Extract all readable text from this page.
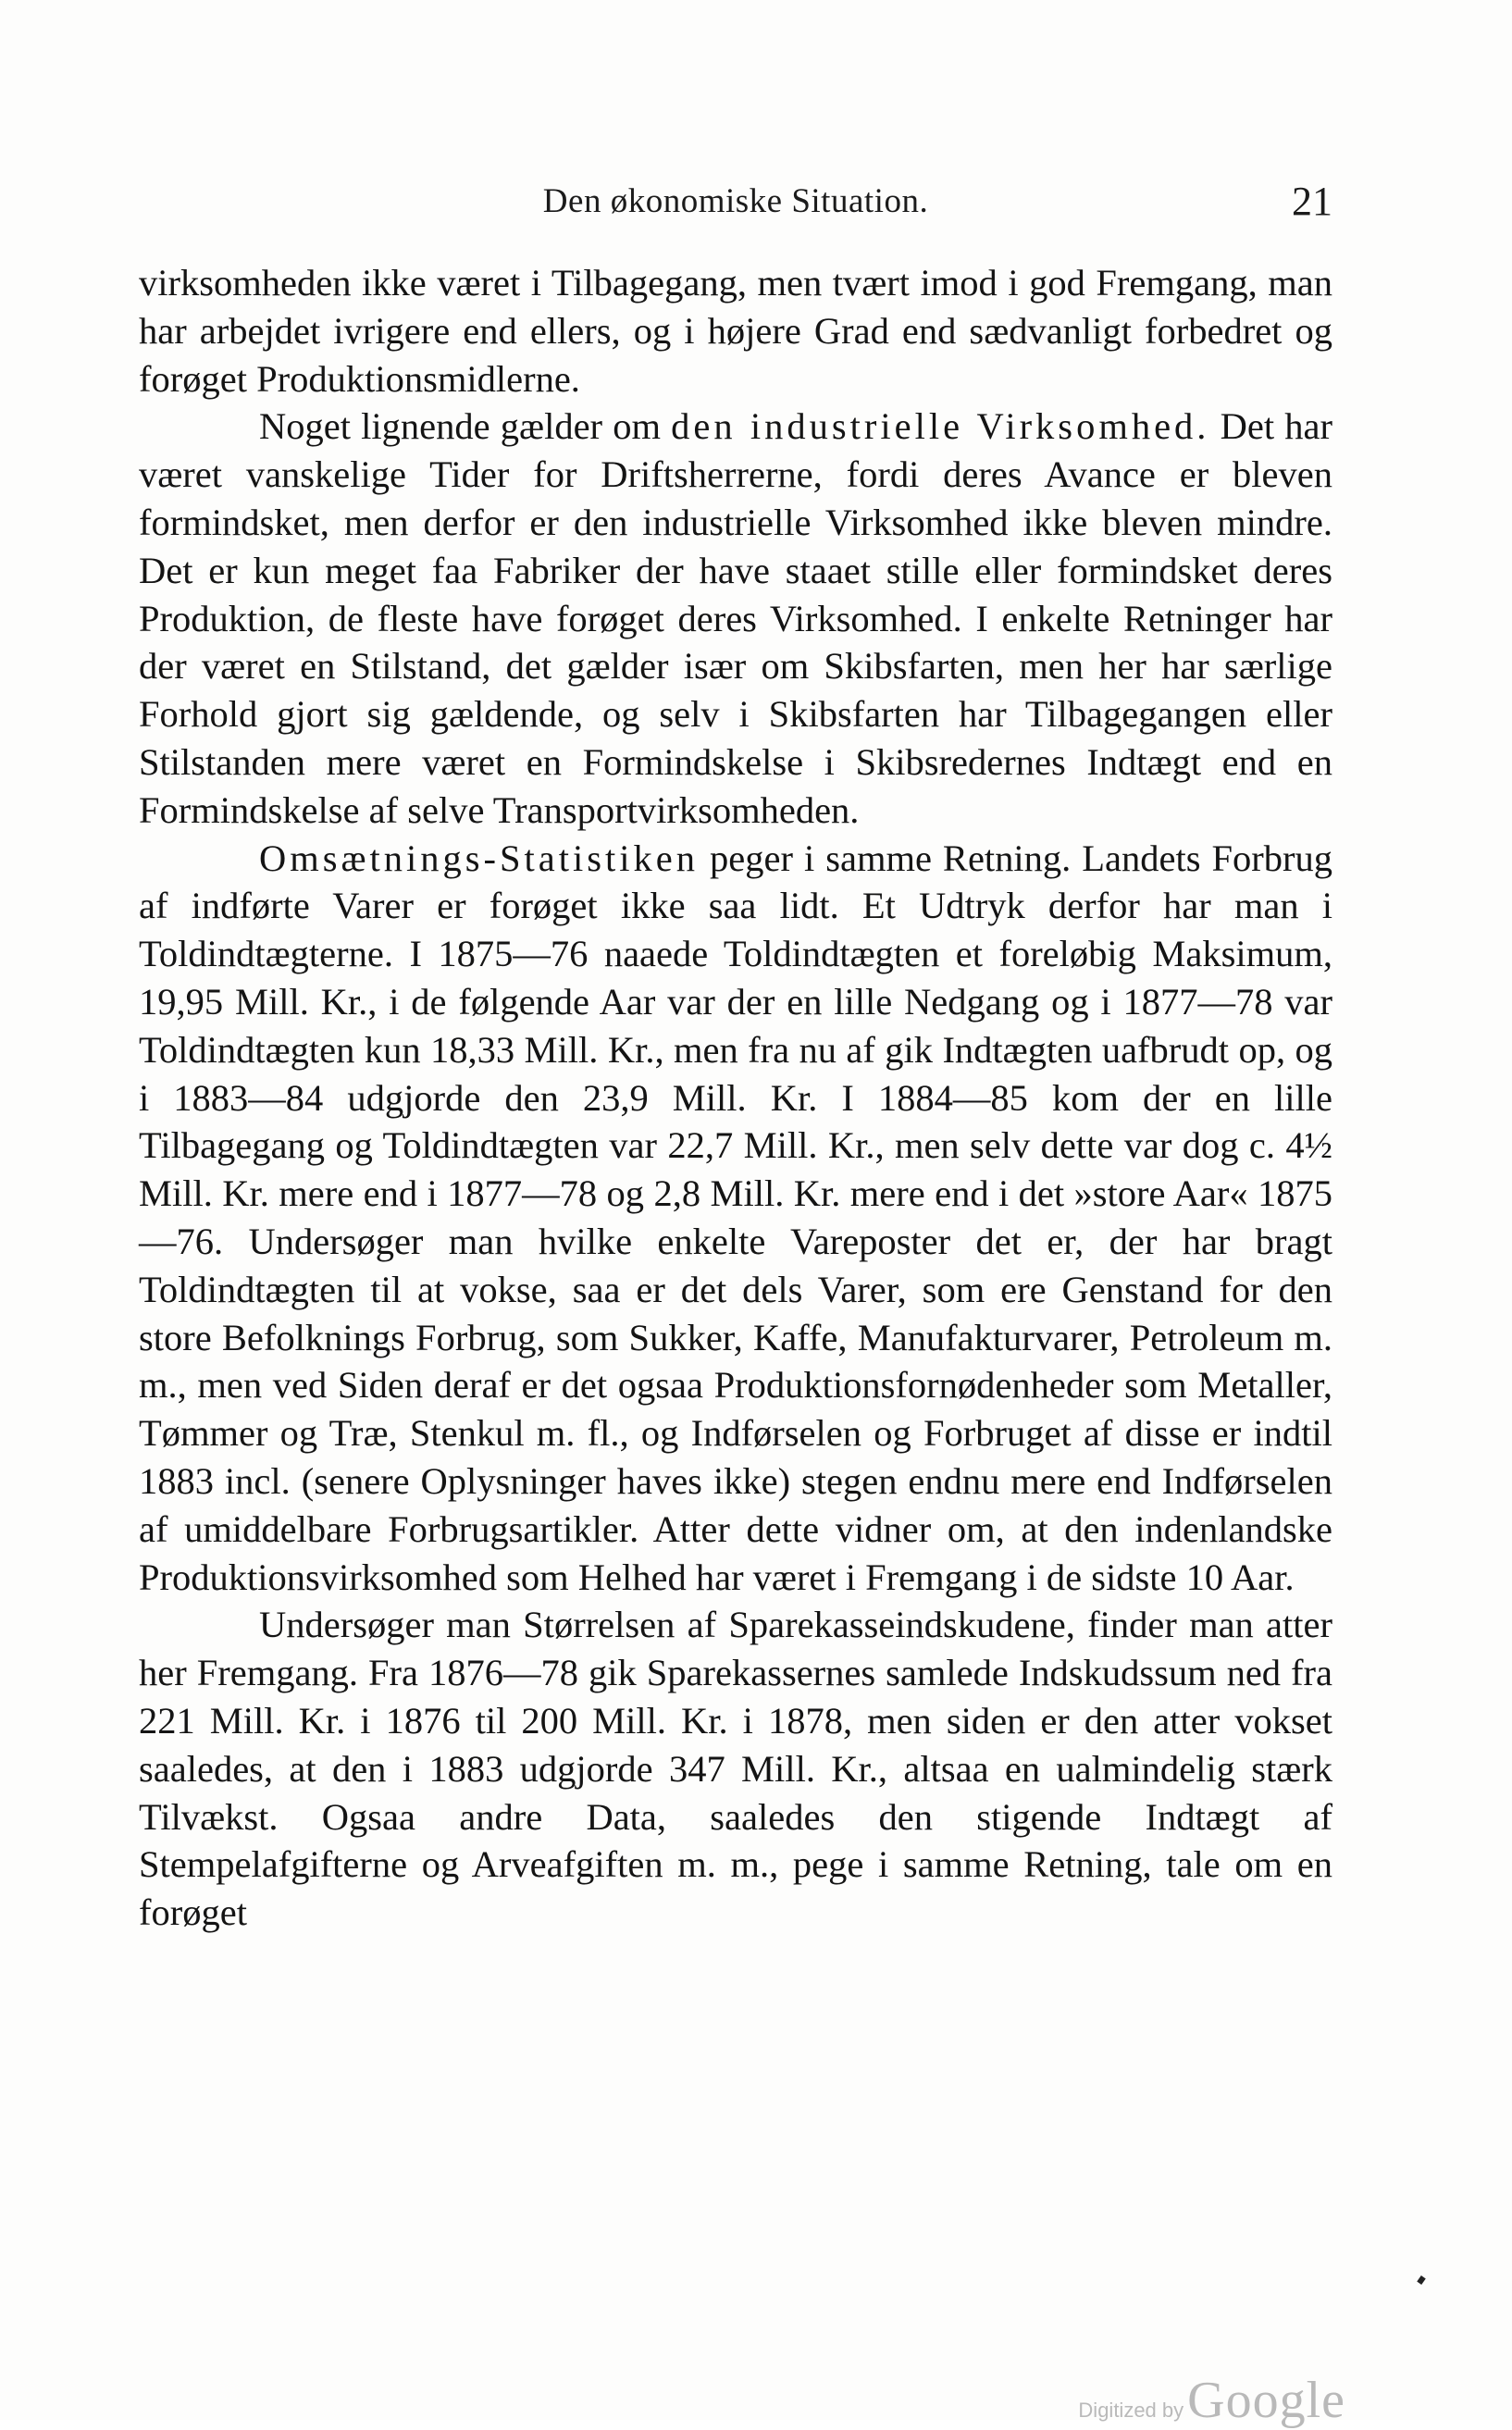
Den økonomiske Situation.	21

virksomheden ikke været i Tilbagegang, men tvært imod i god Fremgang, man har arbejdet ivrigere end ellers, og i højere Grad end sædvanligt forbedret og forøget Produktionsmidlerne.

Noget lignende gælder om den industrielle Virksomhed. Det har været vanskelige Tider for Driftsherrerne, fordi deres Avance er bleven formindsket, men derfor er den industrielle Virksomhed ikke bleven mindre. Det er kun meget faa Fabriker der have staaet stille eller formindsket deres Produktion, de fleste have forøget deres Virksomhed. I enkelte Retninger har der været en Stilstand, det gælder især om Skibsfarten, men her har særlige Forhold gjort sig gældende, og selv i Skibsfarten har Tilbagegangen eller Stilstanden mere været en Formindskelse i Skibsredernes Indtægt end en Formindskelse af selve Transportvirksomheden.

Omsætnings-Statistiken peger i samme Retning. Landets Forbrug af indførte Varer er forøget ikke saa lidt. Et Udtryk derfor har man i Toldindtægterne. I 1875—76 naaede Toldindtægten et foreløbig Maksimum, 19,95 Mill. Kr., i de følgende Aar var der en lille Nedgang og i 1877—78 var Toldindtægten kun 18,33 Mill. Kr., men fra nu af gik Indtægten uafbrudt op, og i 1883—84 udgjorde den 23,9 Mill. Kr. I 1884—85 kom der en lille Tilbagegang og Toldindtægten var 22,7 Mill. Kr., men selv dette var dog c. 4½ Mill. Kr. mere end i 1877—78 og 2,8 Mill. Kr. mere end i det »store Aar« 1875—76. Undersøger man hvilke enkelte Vareposter det er, der har bragt Toldindtægten til at vokse, saa er det dels Varer, som ere Genstand for den store Befolknings Forbrug, som Sukker, Kaffe, Manufakturvarer, Petroleum m. m., men ved Siden deraf er det ogsaa Produktionsfornødenheder som Metaller, Tømmer og Træ, Stenkul m. fl., og Indførselen og Forbruget af disse er indtil 1883 incl. (senere Oplysninger haves ikke) stegen endnu mere end Indførselen af umiddelbare Forbrugsartikler. Atter dette vidner om, at den indenlandske Produktionsvirksomhed som Helhed har været i Fremgang i de sidste 10 Aar.

Undersøger man Størrelsen af Sparekasseindskudene, finder man atter her Fremgang. Fra 1876—78 gik Sparekassernes samlede Indskudssum ned fra 221 Mill. Kr. i 1876 til 200 Mill. Kr. i 1878, men siden er den atter vokset saaledes, at den i 1883 udgjorde 347 Mill. Kr., altsaa en ualmindelig stærk Tilvækst. Ogsaa andre Data, saaledes den stigende Indtægt af Stempelafgifterne og Arveafgiften m. m., pege i samme Retning, tale om en forøget

Digitized by Google
